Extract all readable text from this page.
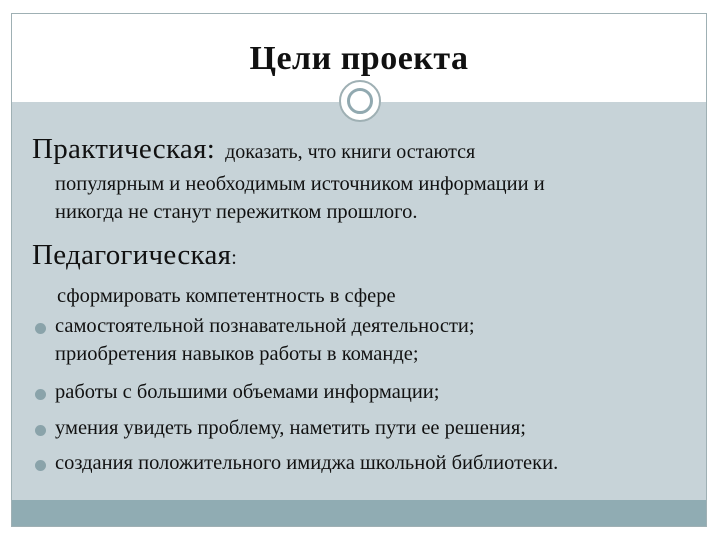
Цели проекта
Практическая: доказать, что книги остаются
популярным и необходимым источником информации и
никогда не станут пережитком прошлого.
Педагогическая:
сформировать компетентность в сфере
самостоятельной познавательной деятельности;
приобретения навыков работы в команде;
работы с большими объемами информации;
умения увидеть проблему, наметить пути ее решения;
создания положительного имиджа школьной библиотеки.
